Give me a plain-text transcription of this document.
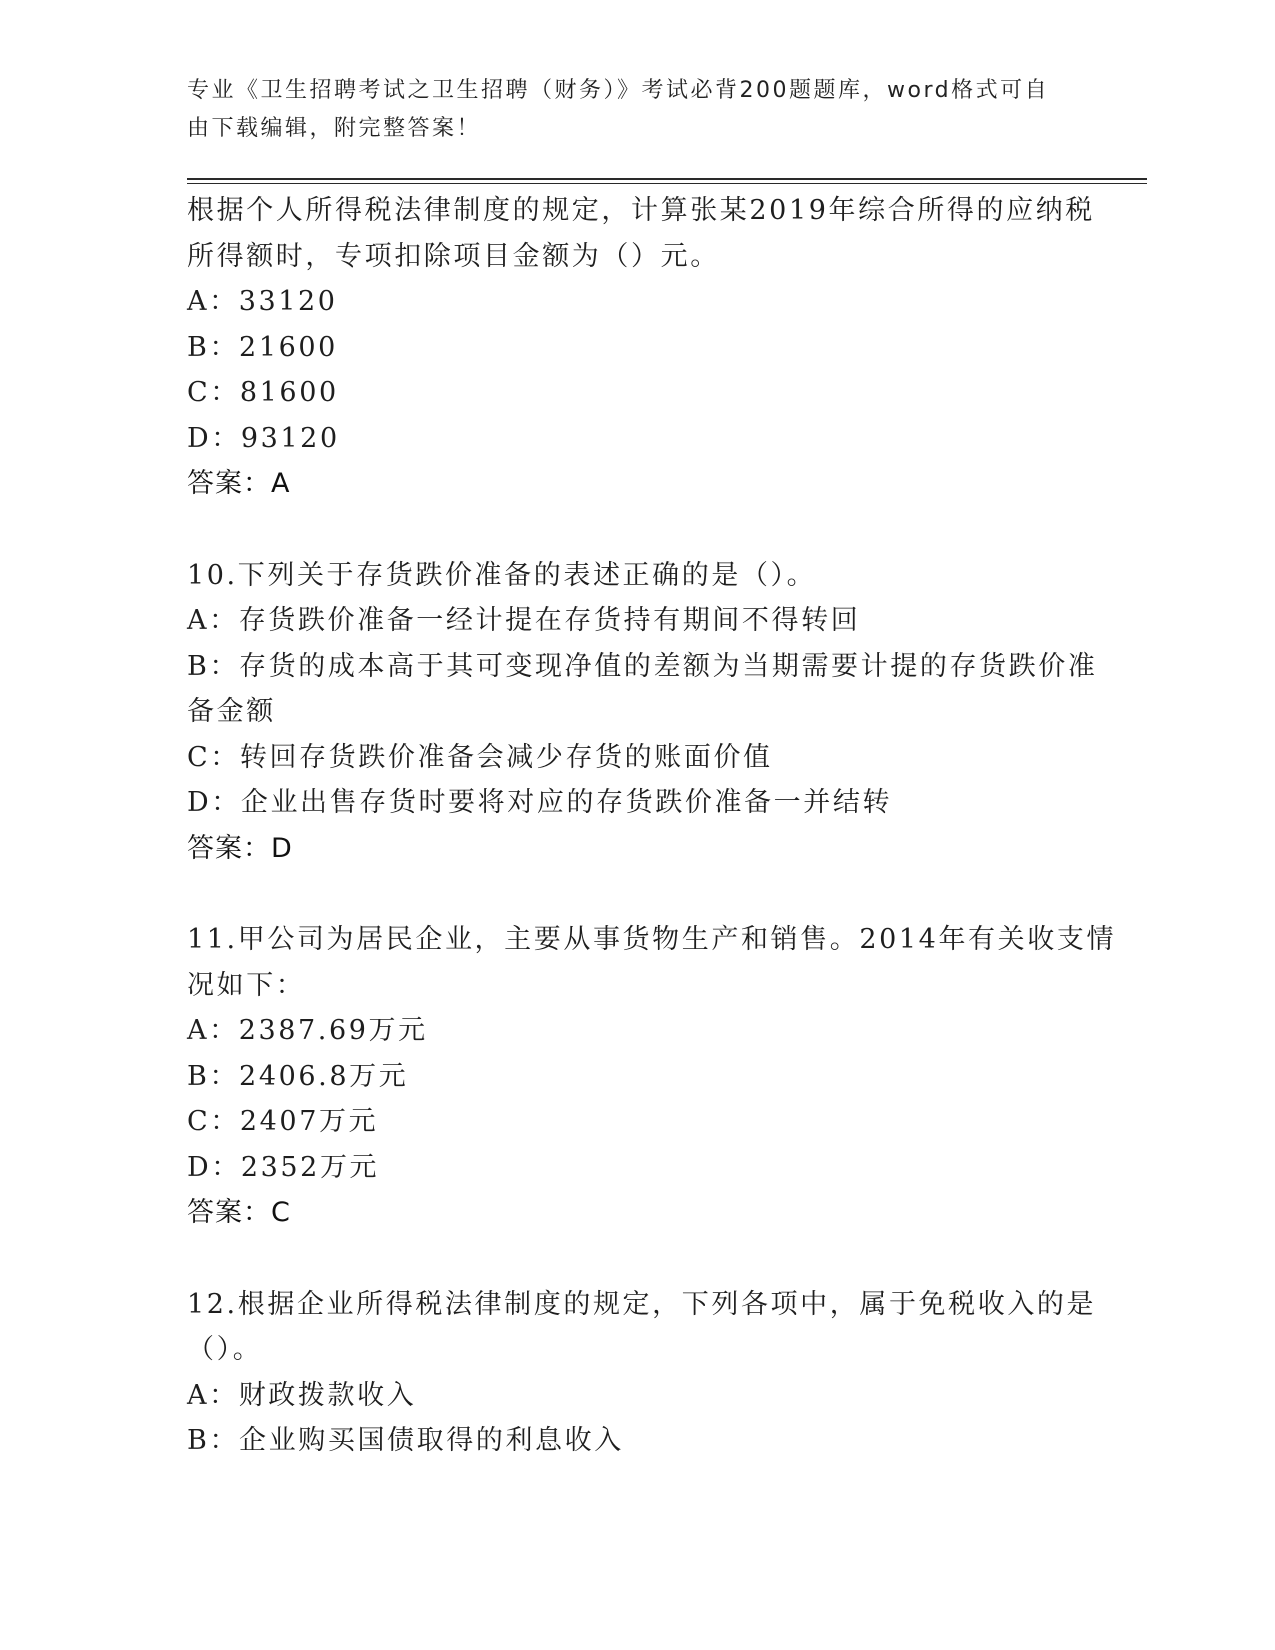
专业《卫生招聘考试之卫生招聘（财务）》考试必背200题题库，word格式可自
由下载编辑，附完整答案！
根据个人所得税法律制度的规定，计算张某2019年综合所得的应纳税
所得额时，专项扣除项目金额为（）元。
A：33120
B：21600
C：81600
D：93120
答案：A
10.下列关于存货跌价准备的表述正确的是（）。
A：存货跌价准备一经计提在存货持有期间不得转回
B：存货的成本高于其可变现净值的差额为当期需要计提的存货跌价准
备金额
C：转回存货跌价准备会减少存货的账面价值
D：企业出售存货时要将对应的存货跌价准备一并结转
答案：D
11.甲公司为居民企业，主要从事货物生产和销售。2014年有关收支情
况如下：
A：2387.69万元
B：2406.8万元
C：2407万元
D：2352万元
答案：C
12.根据企业所得税法律制度的规定，下列各项中，属于免税收入的是
（）。
A：财政拨款收入
B：企业购买国债取得的利息收入
